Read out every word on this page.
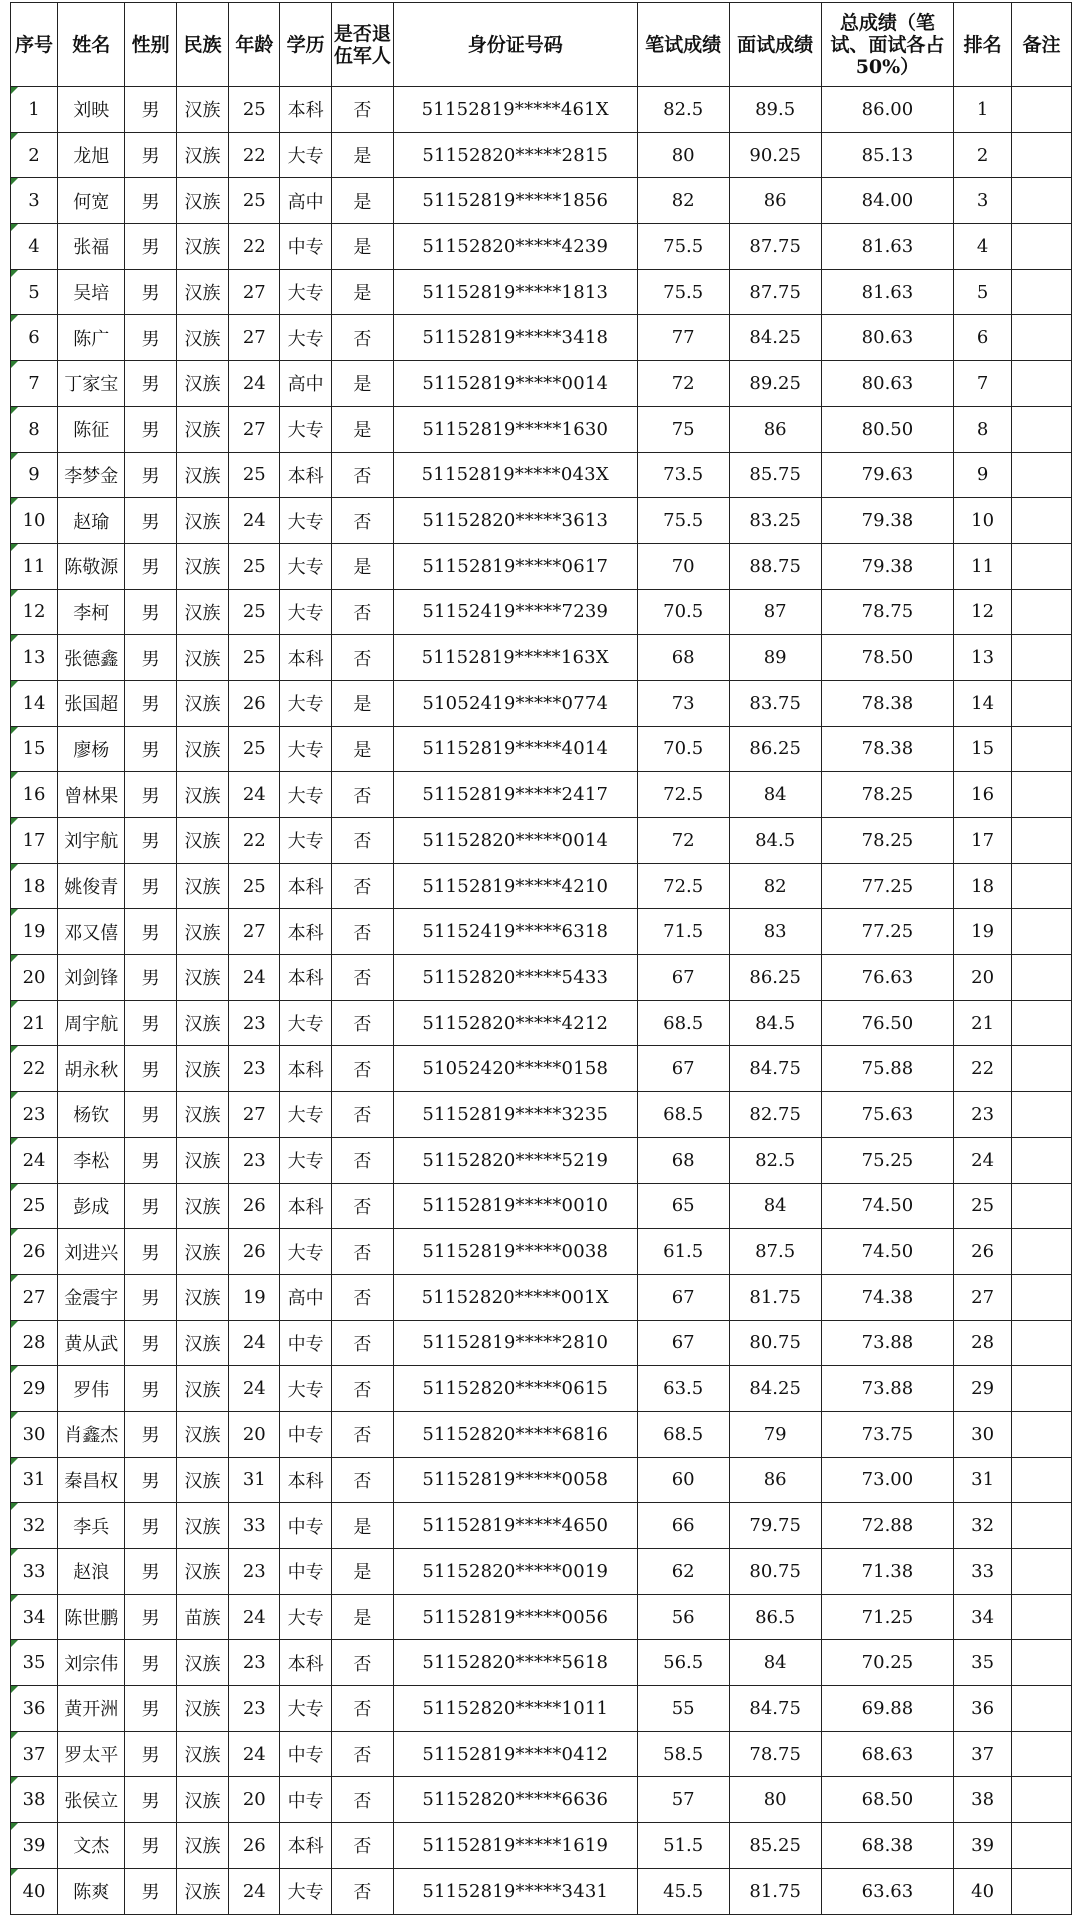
序号	姓名	性别	民族	年龄	学历	是否退伍军人	身份证号码	笔试成绩	面试成绩	总成绩（笔试、面试各占50%）	排名	备注
1	刘映	男	汉族	25	本科	否	51152819*****461X	82.5	89.5	86.00	1	
2	龙旭	男	汉族	22	大专	是	51152820*****2815	80	90.25	85.13	2	
3	何宽	男	汉族	25	高中	是	51152819*****1856	82	86	84.00	3	
4	张福	男	汉族	22	中专	是	51152820*****4239	75.5	87.75	81.63	4	
5	吴培	男	汉族	27	大专	是	51152819*****1813	75.5	87.75	81.63	5	
6	陈广	男	汉族	27	大专	否	51152819*****3418	77	84.25	80.63	6	
7	丁家宝	男	汉族	24	高中	是	51152819*****0014	72	89.25	80.63	7	
8	陈征	男	汉族	27	大专	是	51152819*****1630	75	86	80.50	8	
9	李梦金	男	汉族	25	本科	否	51152819*****043X	73.5	85.75	79.63	9	
10	赵瑜	男	汉族	24	大专	否	51152820*****3613	75.5	83.25	79.38	10	
11	陈敬源	男	汉族	25	大专	是	51152819*****0617	70	88.75	79.38	11	
12	李柯	男	汉族	25	大专	否	51152419*****7239	70.5	87	78.75	12	
13	张德鑫	男	汉族	25	本科	否	51152819*****163X	68	89	78.50	13	
14	张国超	男	汉族	26	大专	是	51052419*****0774	73	83.75	78.38	14	
15	廖杨	男	汉族	25	大专	是	51152819*****4014	70.5	86.25	78.38	15	
16	曾林果	男	汉族	24	大专	否	51152819*****2417	72.5	84	78.25	16	
17	刘宇航	男	汉族	22	大专	否	51152820*****0014	72	84.5	78.25	17	
18	姚俊青	男	汉族	25	本科	否	51152819*****4210	72.5	82	77.25	18	
19	邓又僖	男	汉族	27	本科	否	51152419*****6318	71.5	83	77.25	19	
20	刘剑锋	男	汉族	24	本科	否	51152820*****5433	67	86.25	76.63	20	
21	周宇航	男	汉族	23	大专	否	51152820*****4212	68.5	84.5	76.50	21	
22	胡永秋	男	汉族	23	本科	否	51052420*****0158	67	84.75	75.88	22	
23	杨钦	男	汉族	27	大专	否	51152819*****3235	68.5	82.75	75.63	23	
24	李松	男	汉族	23	大专	否	51152820*****5219	68	82.5	75.25	24	
25	彭成	男	汉族	26	本科	否	51152819*****0010	65	84	74.50	25	
26	刘进兴	男	汉族	26	大专	否	51152819*****0038	61.5	87.5	74.50	26	
27	金震宇	男	汉族	19	高中	否	51152820*****001X	67	81.75	74.38	27	
28	黄从武	男	汉族	24	中专	否	51152819*****2810	67	80.75	73.88	28	
29	罗伟	男	汉族	24	大专	否	51152820*****0615	63.5	84.25	73.88	29	
30	肖鑫杰	男	汉族	20	中专	否	51152820*****6816	68.5	79	73.75	30	
31	秦昌权	男	汉族	31	本科	否	51152819*****0058	60	86	73.00	31	
32	李兵	男	汉族	33	中专	是	51152819*****4650	66	79.75	72.88	32	
33	赵浪	男	汉族	23	中专	是	51152820*****0019	62	80.75	71.38	33	
34	陈世鹏	男	苗族	24	大专	是	51152819*****0056	56	86.5	71.25	34	
35	刘宗伟	男	汉族	23	本科	否	51152820*****5618	56.5	84	70.25	35	
36	黄开洲	男	汉族	23	大专	否	51152820*****1011	55	84.75	69.88	36	
37	罗太平	男	汉族	24	中专	否	51152819*****0412	58.5	78.75	68.63	37	
38	张侯立	男	汉族	20	中专	否	51152820*****6636	57	80	68.50	38	
39	文杰	男	汉族	26	本科	否	51152819*****1619	51.5	85.25	68.38	39	
40	陈爽	男	汉族	24	大专	否	51152819*****3431	45.5	81.75	63.63	40	
